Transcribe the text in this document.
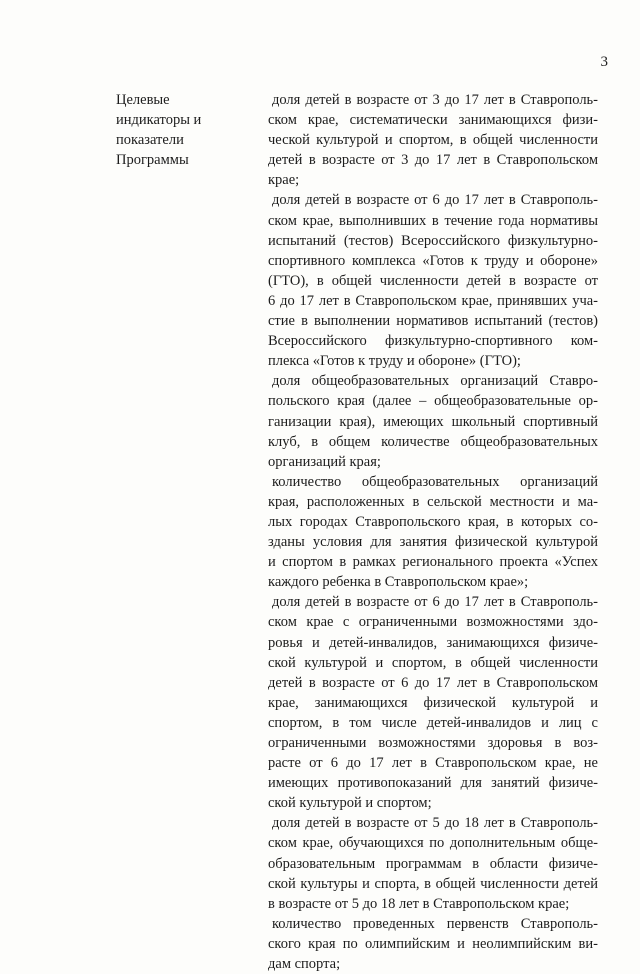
3
Целевые
индикаторы и
показатели
Программы
доля детей в возрасте от 3 до 17 лет в Ставрополь-
ском крае, систематически занимающихся физи-
ческой культурой и спортом, в общей численности
детей в возрасте от 3 до 17 лет в Ставропольском
крае;
доля детей в возрасте от 6 до 17 лет в Ставрополь-
ском крае, выполнивших в течение года нормативы
испытаний (тестов) Всероссийского физкультурно-
спортивного комплекса «Готов к труду и обороне»
(ГТО), в общей численности детей в возрасте от
6 до 17 лет в Ставропольском крае, принявших уча-
стие в выполнении нормативов испытаний (тестов)
Всероссийского физкультурно-спортивного ком-
плекса «Готов к труду и обороне» (ГТО);
доля общеобразовательных организаций Ставро-
польского края (далее – общеобразовательные ор-
ганизации края), имеющих школьный спортивный
клуб, в общем количестве общеобразовательных
организаций края;
количество общеобразовательных организаций
края, расположенных в сельской местности и ма-
лых городах Ставропольского края, в которых со-
зданы условия для занятия физической культурой
и спортом в рамках регионального проекта «Успех
каждого ребенка в Ставропольском крае»;
доля детей в возрасте от 6 до 17 лет в Ставрополь-
ском крае с ограниченными возможностями здо-
ровья и детей-инвалидов, занимающихся физиче-
ской культурой и спортом, в общей численности
детей в возрасте от 6 до 17 лет в Ставропольском
крае, занимающихся физической культурой и
спортом, в том числе детей-инвалидов и лиц с
ограниченными возможностями здоровья в воз-
расте от 6 до 17 лет в Ставропольском крае, не
имеющих противопоказаний для занятий физиче-
ской культурой и спортом;
доля детей в возрасте от 5 до 18 лет в Ставрополь-
ском крае, обучающихся по дополнительным обще-
образовательным программам в области физиче-
ской культуры и спорта, в общей численности детей
в возрасте от 5 до 18 лет в Ставропольском крае;
количество проведенных первенств Ставрополь-
ского края по олимпийским и неолимпийским ви-
дам спорта;
